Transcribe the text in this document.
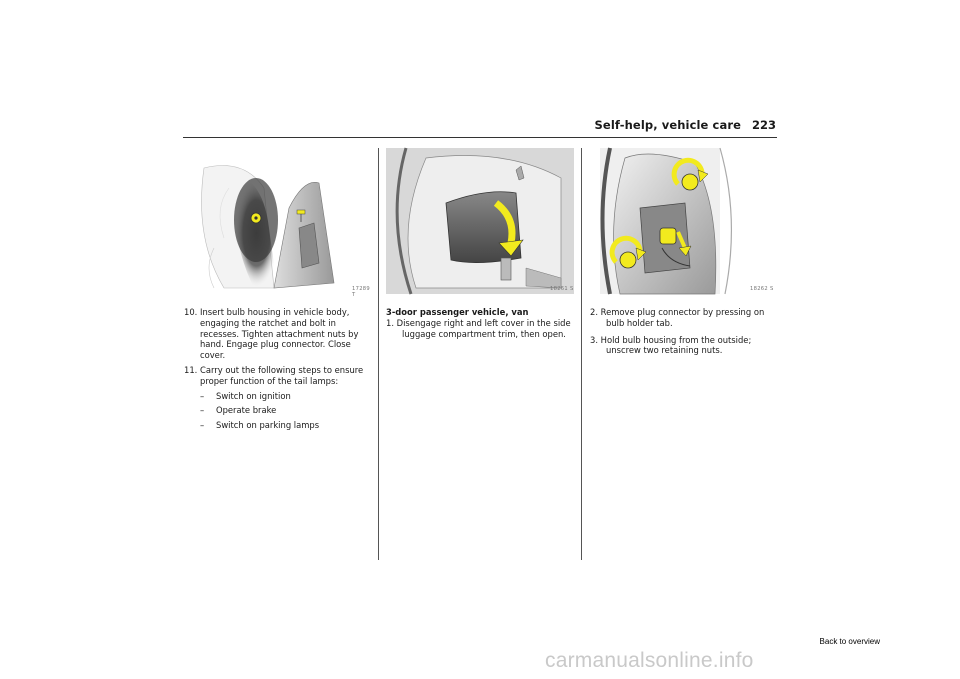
Self-help, vehicle care 223
17289 T
18261 S	18262 S

10. Insert bulb housing in vehicle body, engaging the ratchet and bolt in recesses. Tighten attachment nuts by hand. Engage plug connector. Close cover.

11. Carry out the following steps to ensure proper function of the tail lamps:

– Switch on ignition

– Operate brake

– Switch on parking lamps

3-door passenger vehicle, van

1. Disengage right and left cover in the side luggage compartment trim, then open.

2. Remove plug connector by pressing on bulb holder tab.

3. Hold bulb housing from the outside; unscrew two retaining nuts.

Back to overview
carmanualsonline.info
